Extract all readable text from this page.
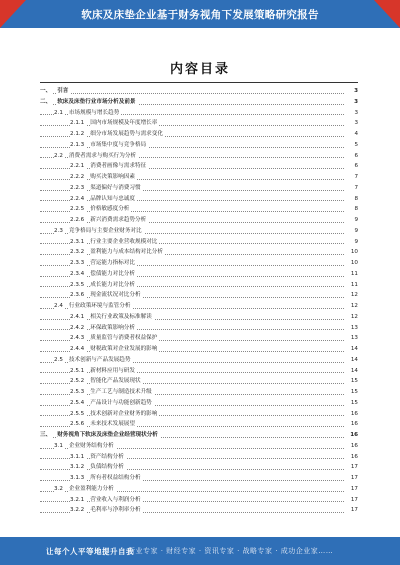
软床及床垫企业基于财务视角下发展策略研究报告
内容目录
一、 引言	3
二、 软床及床垫行业市场分析及前景	3
2.1 市场规模与增长趋势	3
2.1.1 国内市场规模及年度增长率	3
2.1.2 细分市场发展趋势与需求变化	4
2.1.3 市场集中度与竞争格局	5
2.2 消费者需求与购买行为分析	6
2.2.1 消费者画像与需求特征	6
2.2.2 购买决策影响因素	7
2.2.3 渠道偏好与消费习惯	7
2.2.4 品牌认知与忠诚度	8
2.2.5 价格敏感度分析	8
2.2.6 新兴消费需求趋势分析	9
2.3 竞争格局与主要企业财务对比	9
2.3.1 行业主要企业营收规模对比	9
2.3.2 盈利能力与成本结构对比分析	10
2.3.3 营运能力指标对比	10
2.3.4 偿债能力对比分析	11
2.3.5 成长能力对比分析	11
2.3.6 现金流状况对比分析	12
2.4 行业政策环境与监管分析	12
2.4.1 相关行业政策及标准解读	12
2.4.2 环保政策影响分析	13
2.4.3 质量监管与消费者权益保护	13
2.4.4 财税政策对企业发展的影响	14
2.5 技术创新与产品发展趋势	14
2.5.1 新材料应用与研发	14
2.5.2 智能化产品发展现状	15
2.5.3 生产工艺与制造技术升级	15
2.5.4 产品设计与功能创新趋势	15
2.5.5 技术创新对企业财务的影响	16
2.5.6 未来技术发展展望	16
三、 财务视角下软床及床垫企业经营现状分析	16
3.1 企业财务结构分析	16
3.1.1 资产结构分析	16
3.1.2 负债结构分析	17
3.1.3 所有者权益结构分析	17
3.2 企业盈利能力分析	17
3.2.1 营业收入与利润分析	17
3.2.2 毛利率与净利率分析	17
让每个人平等地提升自我
行业专家 · 财经专家 · 资讯专家 · 战略专家 · 成功企业家……
